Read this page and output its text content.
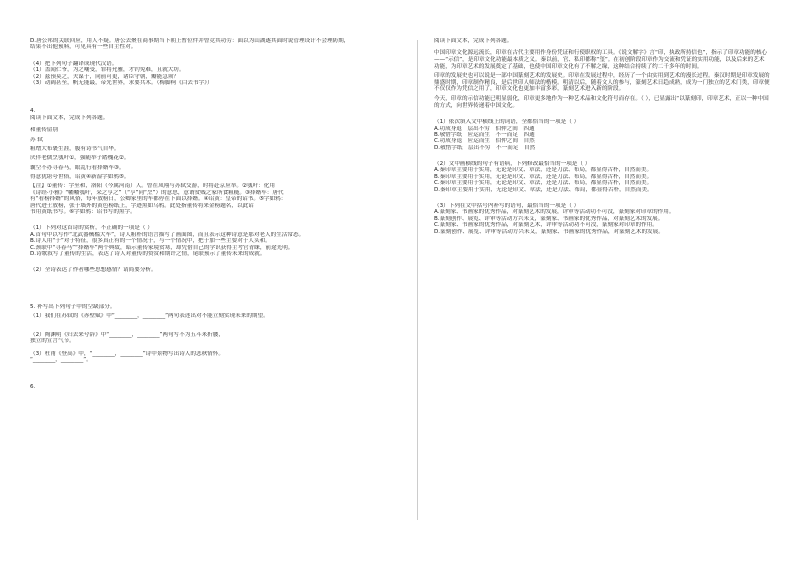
D.唐公邦的关联回应，用人不疑。唐公去聚在商事期当下朝上暂位件并曾竞其功劳：面以为山湖遂其面时说管理设计不会理防期，
结果不出他预料，可见具有一些自主性对。
（4）把下列句子翻译成现代汉语。
（1）盖闻仁爷，为之嘲受，罪将允雅，才钓免难，且就大坊。
（2）兹预莫之，夫谋于，同前可更，诸臣守朝，瓣能急须？
（3）动阔甚至，帆无能最，帝先世界，求要共术。（梅脚柯《白去书字》）
4.
阅读下面文本，完成下列各题。
和董传留别
苏 轼
粗缯大布裹生涯，腹有诗书气自华。
厌伴老儒烹瓠叶①，强随举子踏槐花②。
囊空不办寻春马，眼乱行看择婿车③。
得意犹堪夸世俗，诏黄④新湿字如鸦⑤。
【注】①董传：字至和，洛阳（今属河南）人。曾在凤翔与苏轼交游，时将赴京应举。②瓠叶：化用
《诗经·小雅》“幡幡瓠叶，采之亨之”（“亨”同“烹”）的意思，意谓贫贱之家所食粗糙。③择婿车：唐代
有“看榜择婿”的风俗，每年放榜日，公卿家里的车都停在下面以择婿。④诏黄：皇帝的诏书。⑤字如鸦：
唐代进士放榜，张于墙外的黄色榜纸上，字迹黑如乌鸦。此处指董传将来金榜题名，以此诏
书用黄纸书写。⑥字如鸦：诏书写的黑字。
（1）下列对这首诗的赏析，不正确的一项是（ ）
A.首句中以写作“北武器械槛大车”，诗人粗朴的语言描写了画面图，而且表示这种诗意是那对老人的生活常态。
B.诗人用“于”对于特征，很多真正有的一个情况于，与一个情况中，把于加一些主要对于人头和。
C.颈联中“寻春马”“择婿车”两个典故，暗示董传家境贫寒，却凭借自己的学识获得主考官青睐，前途光明。
D.诗歌叙写了董传的生活，表达了诗人对董传的赞赏和期许之情，尾联预示了董传未来的成就。
（2）全诗表达了作者哪些思想感情？请简要分析。
5. 补写出下列句子中的空缺部分。
（1）我们在苏轼的《赤壁赋》中“________，________”两句表述出对不能立刻实现未来的期望。
（2）陶渊明《归去来兮辞》中“________，________”两句写不为五斗米折腰，
独立的宣言气节。
（3）杜甫《登高》中，“________，________”诗中景物写出诗人的悲秋情怀。
“________，________”。
6.
阅读下面文本，完成下列各题。
中国印章文化源远流长，印章在古代主要用作身份凭证和行使职权的工具。《说文解字》言“印，执政所持信也”，指示了印章功能的核心——“示信”，是印章文化功能最本质之义。秦以前，官、私印都称“玺”。在初创阶段印章作为交流和凭证的实用功能，以及后来的艺术功能，为印章艺术的发展奠定了基础，也使中国印章文化有了不解之缘，这种结合持续了约二千多年的时间。
印章的发展史也可以说是一部中国篆刻艺术的发展史。印章在发展过程中，经历了一个由实用到艺术的漫长过程。秦汉时期是印章发展的鼎盛时期，印章制作精良，是后世印人师法的楷模。明清以后，随着文人的参与，篆刻艺术日趋成熟，成为一门独立的艺术门类，印章便不仅仅作为凭信之用了，印章文化也更加丰富多彩，篆刻艺术进入新的阶段。
今天，印章的示信功能已明显弱化，印章更多地作为一种艺术品和文化符号而存在。（ ），已显露出“以篆刻印，印章艺术，正以一种中国的方式，向世界传递着中国文化。
（1）依次填入文中横线上的词语，全都恰当的一项是（ ）
A.功成身退　层出不穷　伯仲之间　四通
B.敬惜字纸　应运而生　不一而足　四通
C.功成身退　应运而生　伯仲之间　自然
D.敬惜字纸　层出不穷　不一而足　自然
（2）文中画横线的句子有语病，下列修改最恰当的一项是（ ）
A.秦印章主要用于实用，无论是印文、章法，还是刀法、布局，都显得古朴，自然而美。
B.秦印章主要用于实用，无论是印文、章法，还是刀法、布局，都显得古朴，自然而美。
C.秦印章主要用于实用，无论是印文、章法，还是刀法、布局，都显得古朴，自然而美。
D.秦印章主要用于实用，无论是印文、章法，还是刀法、布局，都显得古朴，自然而美。
（3）下列在文中括号内补写的语句，最恰当的一项是（ ）
A.篆刻家、书画家的优秀作品，对篆刻艺术的发展，评审等活动功不可没，篆刻家对印章的作用。
B.篆刻创作、展览、评审等活动方兴未艾，篆刻家、书画家的优秀作品，对篆刻艺术的发展。
C.篆刻家、书画家的优秀作品，对篆刻艺术，评审等活动功不可没，篆刻家对印章的作用。
D.篆刻创作、展览、评审等活动方兴未艾，篆刻家、书画家的优秀作品，对篆刻艺术的发展。
